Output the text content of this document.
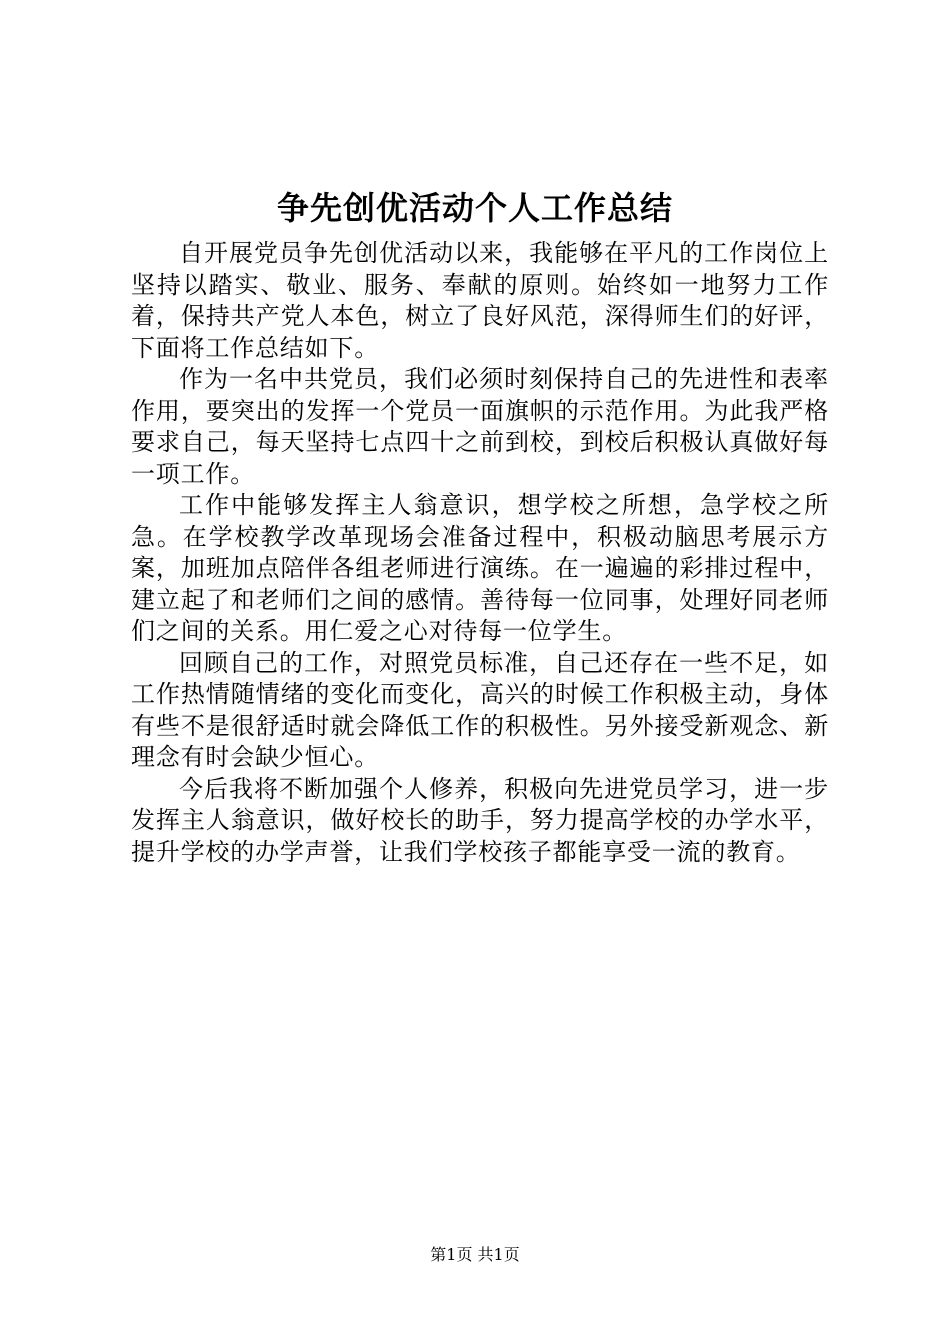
争先创优活动个人工作总结

自开展党员争先创优活动以来，我能够在平凡的工作岗位上坚持以踏实、敬业、服务、奉献的原则。始终如一地努力工作着，保持共产党人本色，树立了良好风范，深得师生们的好评，下面将工作总结如下。

作为一名中共党员，我们必须时刻保持自己的先进性和表率作用，要突出的发挥一个党员一面旗帜的示范作用。为此我严格要求自己，每天坚持七点四十之前到校，到校后积极认真做好每一项工作。

工作中能够发挥主人翁意识，想学校之所想，急学校之所急。在学校教学改革现场会准备过程中，积极动脑思考展示方案，加班加点陪伴各组老师进行演练。在一遍遍的彩排过程中，建立起了和老师们之间的感情。善待每一位同事，处理好同老师们之间的关系。用仁爱之心对待每一位学生。

回顾自己的工作，对照党员标准，自己还存在一些不足，如工作热情随情绪的变化而变化，高兴的时候工作积极主动，身体有些不是很舒适时就会降低工作的积极性。另外接受新观念、新理念有时会缺少恒心。

今后我将不断加强个人修养，积极向先进党员学习，进一步发挥主人翁意识，做好校长的助手，努力提高学校的办学水平，提升学校的办学声誉，让我们学校孩子都能享受一流的教育。

第1页 共1页
